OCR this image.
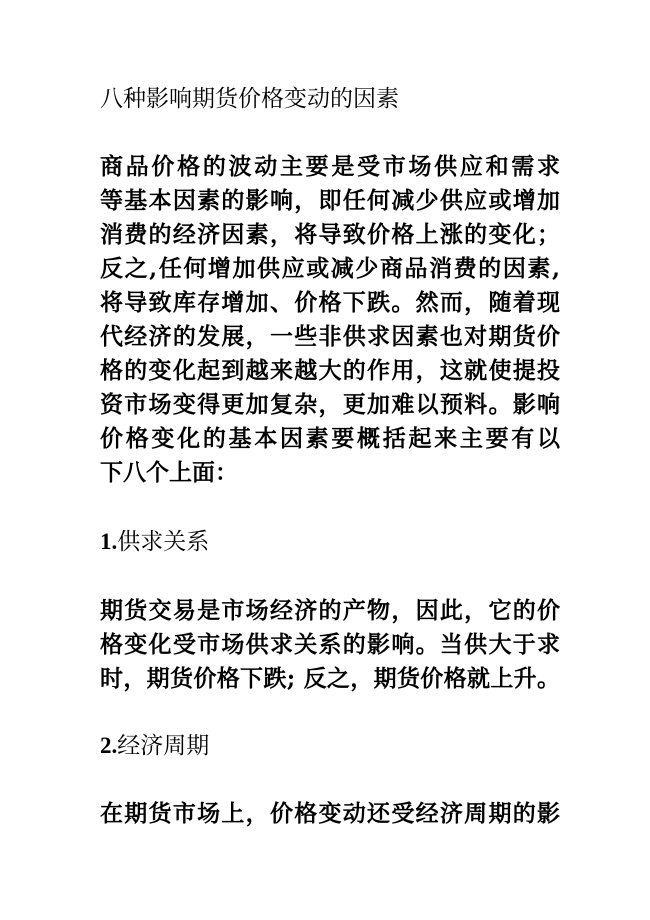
八种影响期货价格变动的因素
商品价格的波动主要是受市场供应和需求
等基本因素的影响，即任何减少供应或增加
消费的经济因素，将导致价格上涨的变化；
反之,任何增加供应或减少商品消费的因素,
将导致库存增加、价格下跌。然而，随着现
代经济的发展，一些非供求因素也对期货价
格的变化起到越来越大的作用，这就使提投
资市场变得更加复杂，更加难以预料。影响
价格变化的基本因素要概括起来主要有以
下八个上面：
1.供求关系
期货交易是市场经济的产物，因此，它的价
格变化受市场供求关系的影响。当供大于求
时，期货价格下跌; 反之，期货价格就上升。
2.经济周期
在期货市场上，价格变动还受经济周期的影
